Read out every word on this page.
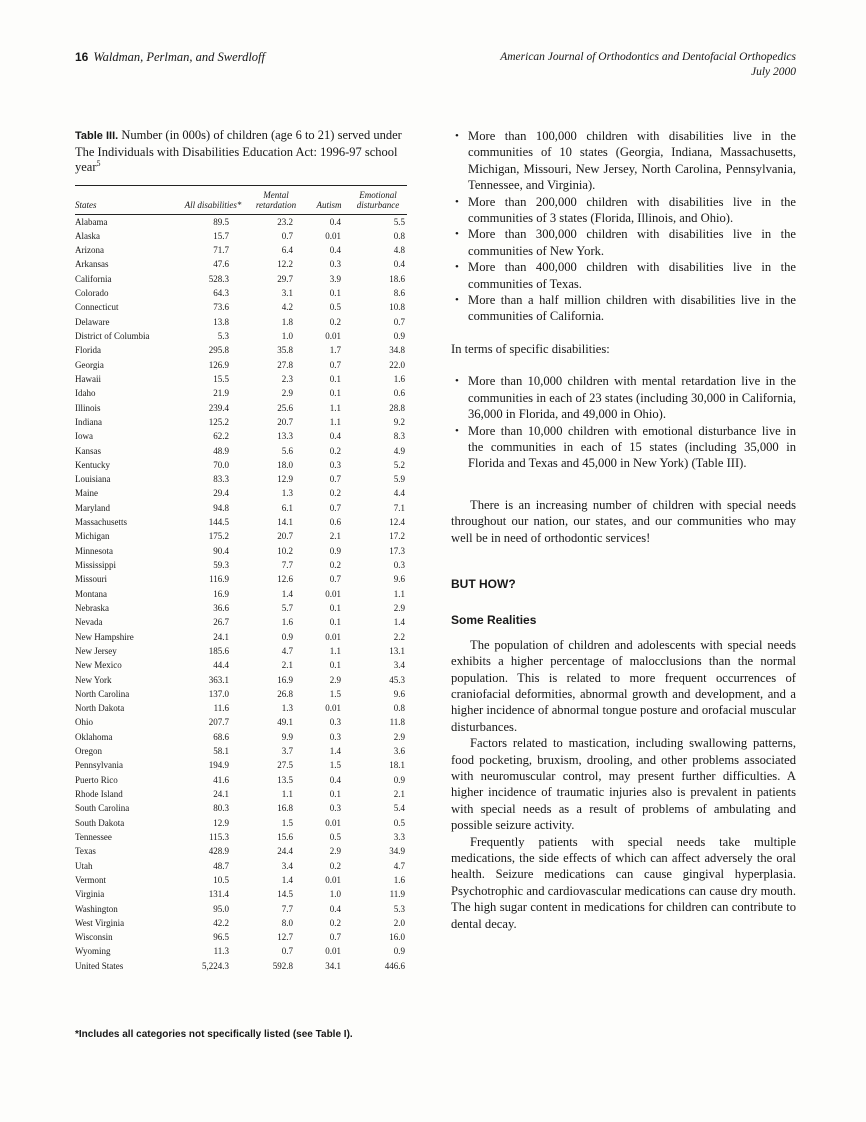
16 Waldman, Perlman, and Swerdloff	American Journal of Orthodontics and Dentofacial Orthopedics
July 2000

Table III. Number (in 000s) of children (age 6 to 21) served under The Individuals with Disabilities Education Act: 1996-97 school year$^5$

States	All disabilities*	Mental retardation	Autism	Emotional disturbance
Alabama	89.5	23.2	0.4	5.5
Alaska	15.7	0.7	0.01	0.8
Arizona	71.7	6.4	0.4	4.8
Arkansas	47.6	12.2	0.3	0.4
California	528.3	29.7	3.9	18.6
Colorado	64.3	3.1	0.1	8.6
Connecticut	73.6	4.2	0.5	10.8
Delaware	13.8	1.8	0.2	0.7
District of Columbia	5.3	1.0	0.01	0.9
Florida	295.8	35.8	1.7	34.8
Georgia	126.9	27.8	0.7	22.0
Hawaii	15.5	2.3	0.1	1.6
Idaho	21.9	2.9	0.1	0.6
Illinois	239.4	25.6	1.1	28.8
Indiana	125.2	20.7	1.1	9.2
Iowa	62.2	13.3	0.4	8.3
Kansas	48.9	5.6	0.2	4.9
Kentucky	70.0	18.0	0.3	5.2
Louisiana	83.3	12.9	0.7	5.9
Maine	29.4	1.3	0.2	4.4
Maryland	94.8	6.1	0.7	7.1
Massachusetts	144.5	14.1	0.6	12.4
Michigan	175.2	20.7	2.1	17.2
Minnesota	90.4	10.2	0.9	17.3
Mississippi	59.3	7.7	0.2	0.3
Missouri	116.9	12.6	0.7	9.6
Montana	16.9	1.4	0.01	1.1
Nebraska	36.6	5.7	0.1	2.9
Nevada	26.7	1.6	0.1	1.4
New Hampshire	24.1	0.9	0.01	2.2
New Jersey	185.6	4.7	1.1	13.1
New Mexico	44.4	2.1	0.1	3.4
New York	363.1	16.9	2.9	45.3
North Carolina	137.0	26.8	1.5	9.6
North Dakota	11.6	1.3	0.01	0.8
Ohio	207.7	49.1	0.3	11.8
Oklahoma	68.6	9.9	0.3	2.9
Oregon	58.1	3.7	1.4	3.6
Pennsylvania	194.9	27.5	1.5	18.1
Puerto Rico	41.6	13.5	0.4	0.9
Rhode Island	24.1	1.1	0.1	2.1
South Carolina	80.3	16.8	0.3	5.4
South Dakota	12.9	1.5	0.01	0.5
Tennessee	115.3	15.6	0.5	3.3
Texas	428.9	24.4	2.9	34.9
Utah	48.7	3.4	0.2	4.7
Vermont	10.5	1.4	0.01	1.6
Virginia	131.4	14.5	1.0	11.9
Washington	95.0	7.7	0.4	5.3
West Virginia	42.2	8.0	0.2	2.0
Wisconsin	96.5	12.7	0.7	16.0
Wyoming	11.3	0.7	0.01	0.9
United States	5,224.3	592.8	34.1	446.6

*Includes all categories not specifically listed (see Table I).

• More than 100,000 children with disabilities live in the communities of 10 states (Georgia, Indiana, Massachusetts, Michigan, Missouri, New Jersey, North Carolina, Pennsylvania, Tennessee, and Virginia).
• More than 200,000 children with disabilities live in the communities of 3 states (Florida, Illinois, and Ohio).
• More than 300,000 children with disabilities live in the communities of New York.
• More than 400,000 children with disabilities live in the communities of Texas.
• More than a half million children with disabilities live in the communities of California.

In terms of specific disabilities:

• More than 10,000 children with mental retardation live in the communities in each of 23 states (including 30,000 in California, 36,000 in Florida, and 49,000 in Ohio).
• More than 10,000 children with emotional disturbance live in the communities in each of 15 states (including 35,000 in Florida and Texas and 45,000 in New York) (Table III).

There is an increasing number of children with special needs throughout our nation, our states, and our communities who may well be in need of orthodontic services!

BUT HOW?
Some Realities

The population of children and adolescents with special needs exhibits a higher percentage of malocclusions than the normal population. This is related to more frequent occurrences of craniofacial deformities, abnormal growth and development, and a higher incidence of abnormal tongue posture and orofacial muscular disturbances.

Factors related to mastication, including swallowing patterns, food pocketing, bruxism, drooling, and other problems associated with neuromuscular control, may present further difficulties. A higher incidence of traumatic injuries also is prevalent in patients with special needs as a result of problems of ambulating and possible seizure activity.

Frequently patients with special needs take multiple medications, the side effects of which can affect adversely the oral health. Seizure medications can cause gingival hyperplasia. Psychotrophic and cardiovascular medications can cause dry mouth. The high sugar content in medications for children can contribute to dental decay.
